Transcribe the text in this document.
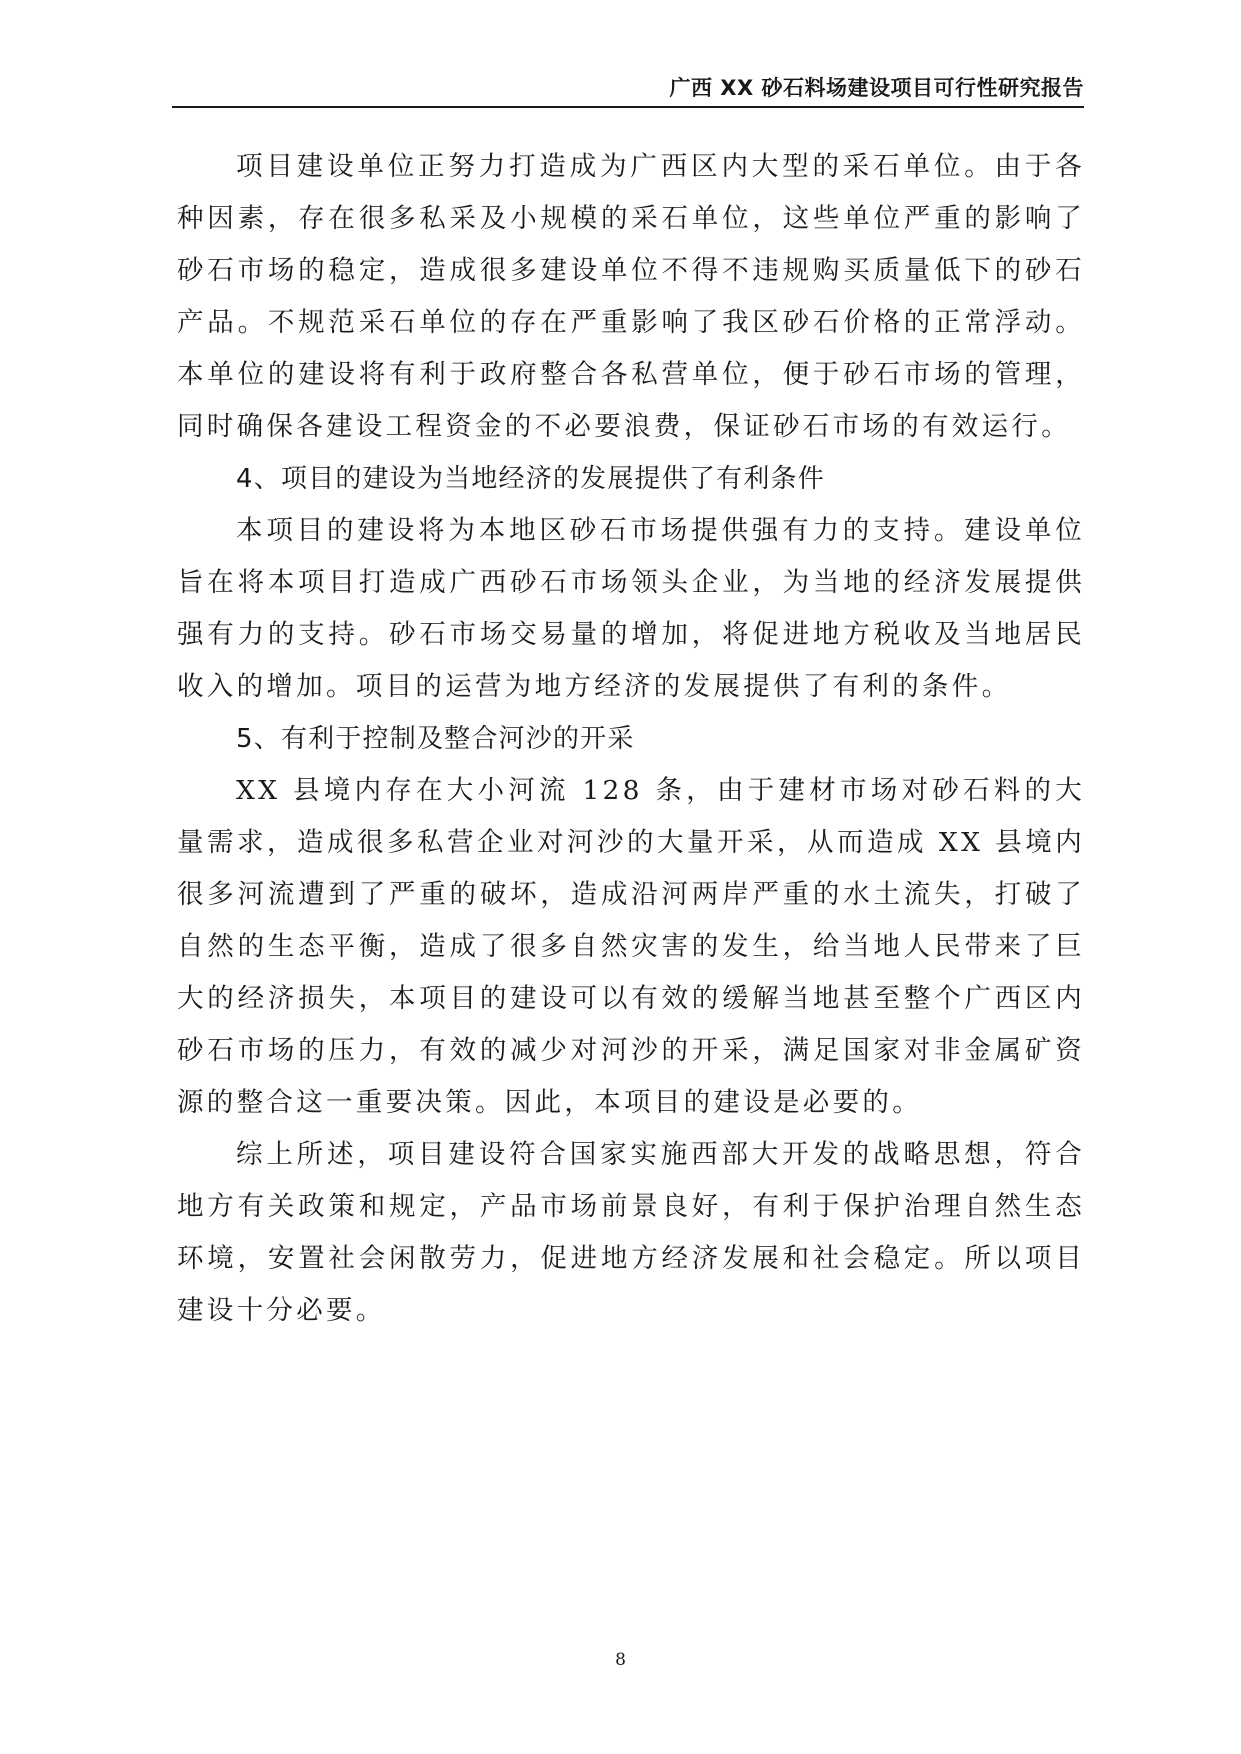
广西 XX 砂石料场建设项目可行性研究报告

项目建设单位正努力打造成为广西区内大型的采石单位。由于各种因素，存在很多私采及小规模的采石单位，这些单位严重的影响了砂石市场的稳定，造成很多建设单位不得不违规购买质量低下的砂石产品。不规范采石单位的存在严重影响了我区砂石价格的正常浮动。本单位的建设将有利于政府整合各私营单位，便于砂石市场的管理，同时确保各建设工程资金的不必要浪费，保证砂石市场的有效运行。

4、项目的建设为当地经济的发展提供了有利条件

本项目的建设将为本地区砂石市场提供强有力的支持。建设单位旨在将本项目打造成广西砂石市场领头企业，为当地的经济发展提供强有力的支持。砂石市场交易量的增加，将促进地方税收及当地居民收入的增加。项目的运营为地方经济的发展提供了有利的条件。

5、有利于控制及整合河沙的开采

XX 县境内存在大小河流 128 条，由于建材市场对砂石料的大量需求，造成很多私营企业对河沙的大量开采，从而造成 XX 县境内很多河流遭到了严重的破坏，造成沿河两岸严重的水土流失，打破了自然的生态平衡，造成了很多自然灾害的发生，给当地人民带来了巨大的经济损失，本项目的建设可以有效的缓解当地甚至整个广西区内砂石市场的压力，有效的减少对河沙的开采，满足国家对非金属矿资源的整合这一重要决策。因此，本项目的建设是必要的。

综上所述，项目建设符合国家实施西部大开发的战略思想，符合地方有关政策和规定，产品市场前景良好，有利于保护治理自然生态环境，安置社会闲散劳力，促进地方经济发展和社会稳定。所以项目建设十分必要。

8
